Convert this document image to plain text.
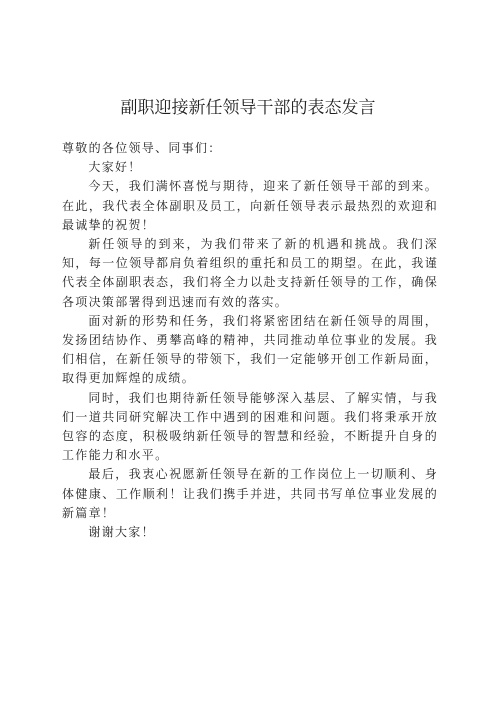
副职迎接新任领导干部的表态发言

尊敬的各位领导、同事们：

大家好！

今天，我们满怀喜悦与期待，迎来了新任领导干部的到来。在此，我代表全体副职及员工，向新任领导表示最热烈的欢迎和最诚挚的祝贺！

新任领导的到来，为我们带来了新的机遇和挑战。我们深知，每一位领导都肩负着组织的重托和员工的期望。在此，我谨代表全体副职表态，我们将全力以赴支持新任领导的工作，确保各项决策部署得到迅速而有效的落实。

面对新的形势和任务，我们将紧密团结在新任领导的周围，发扬团结协作、勇攀高峰的精神，共同推动单位事业的发展。我们相信，在新任领导的带领下，我们一定能够开创工作新局面，取得更加辉煌的成绩。

同时，我们也期待新任领导能够深入基层、了解实情，与我们一道共同研究解决工作中遇到的困难和问题。我们将秉承开放包容的态度，积极吸纳新任领导的智慧和经验，不断提升自身的工作能力和水平。

最后，我衷心祝愿新任领导在新的工作岗位上一切顺利、身体健康、工作顺利！让我们携手并进，共同书写单位事业发展的新篇章！

谢谢大家！
